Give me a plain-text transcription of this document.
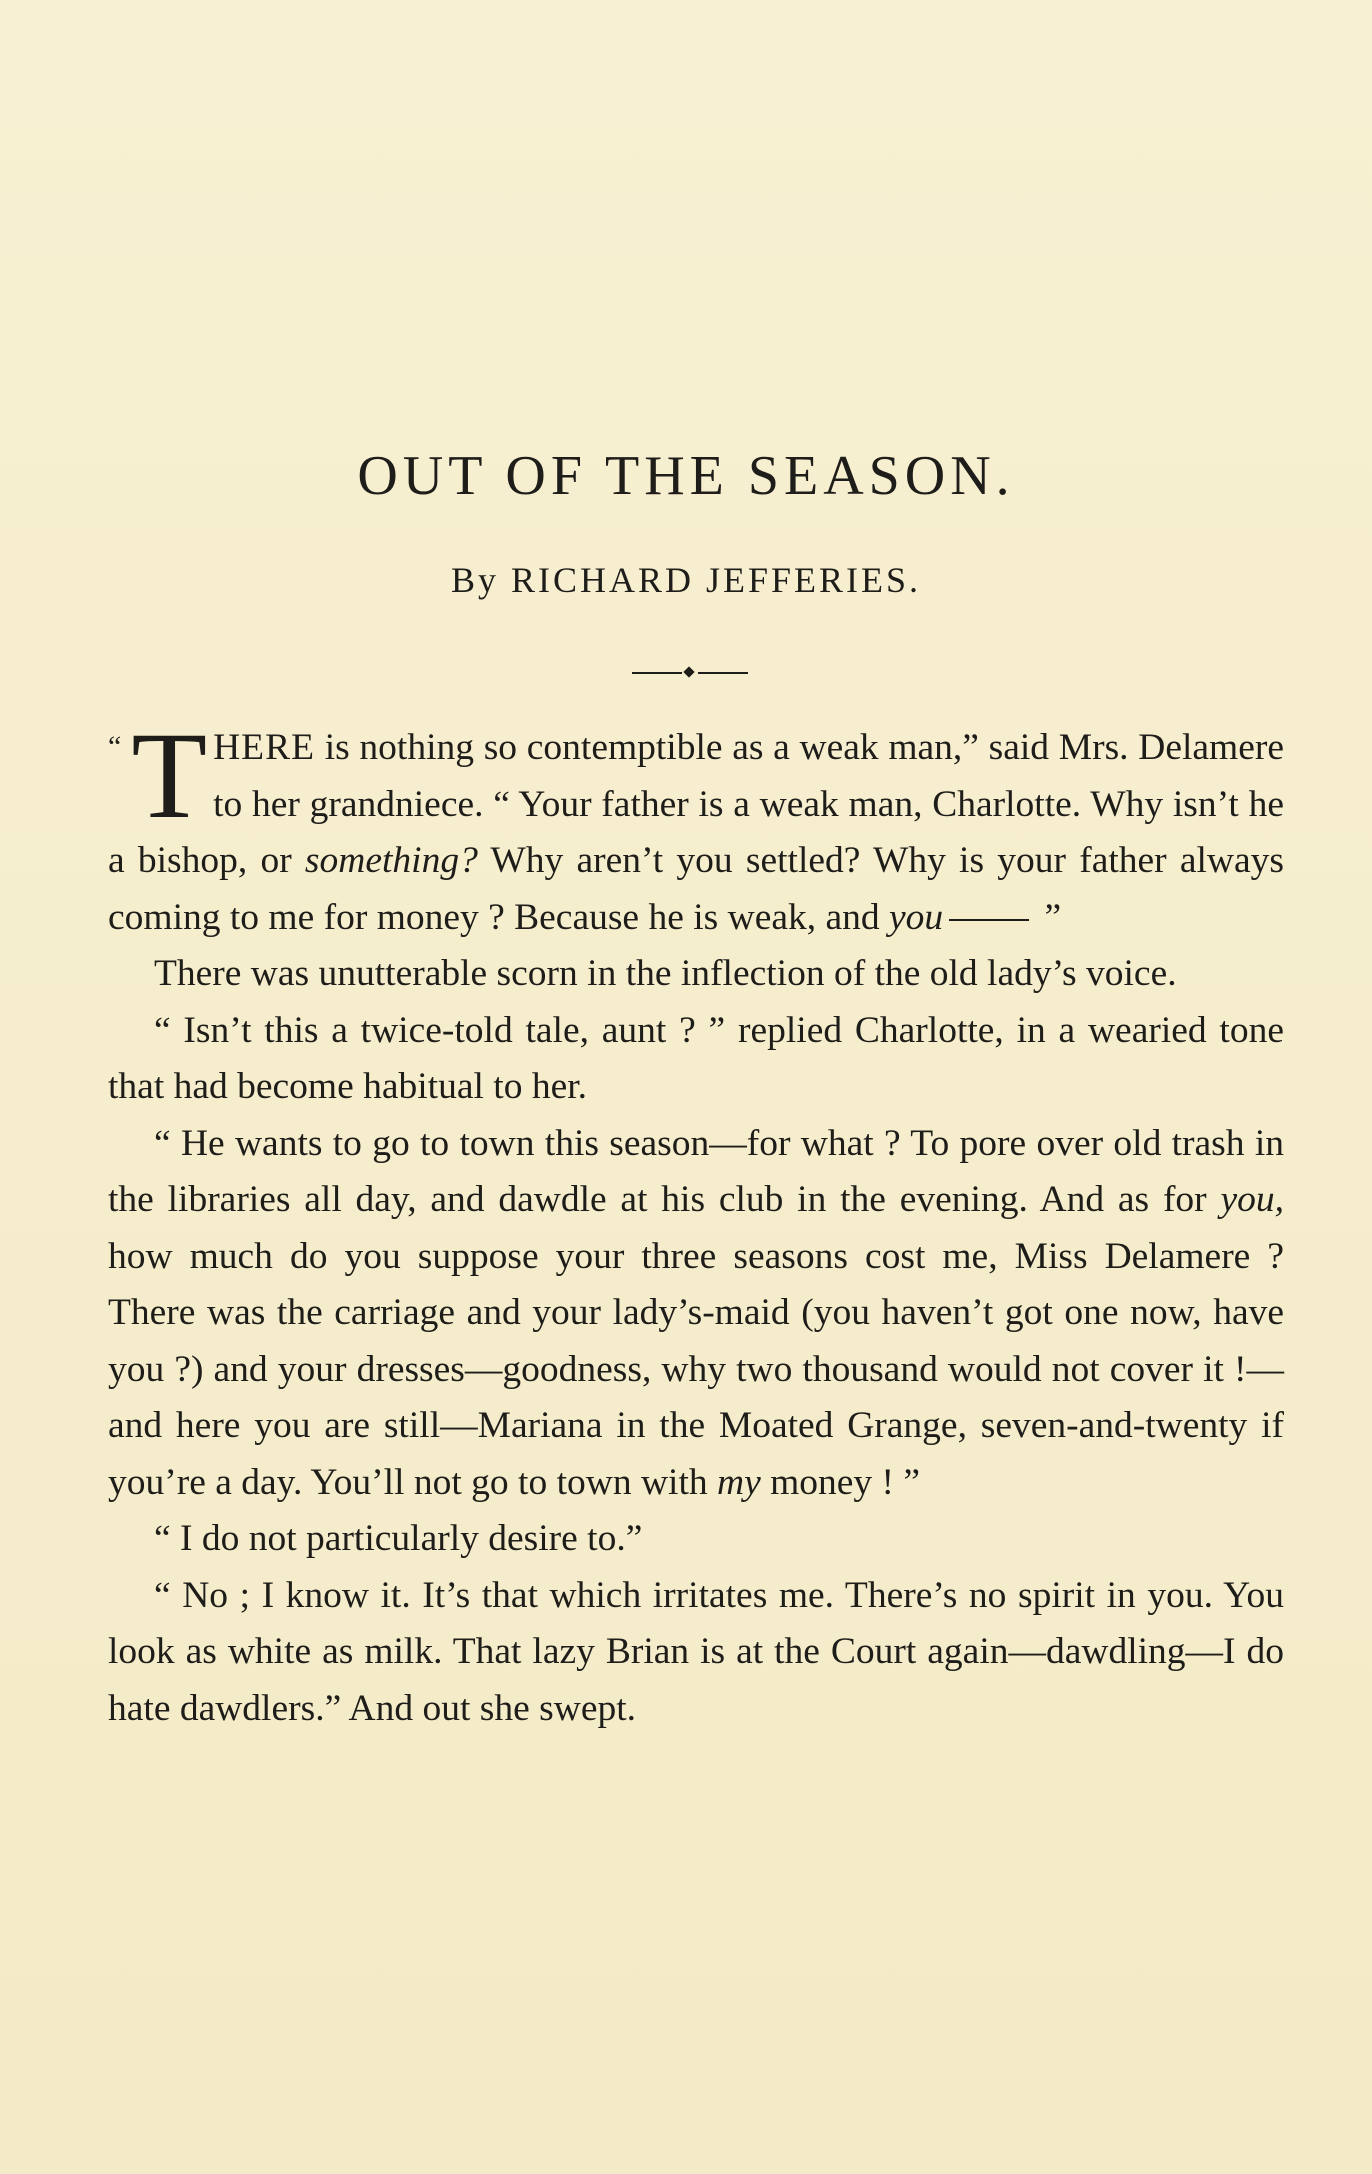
OUT OF THE SEASON.
By RICHARD JEFFERIES.

“ T HERE is nothing so contemptible as a weak man,” said Mrs. Delamere to her grandniece. “ Your father is a weak man, Charlotte. Why isn’t he a bishop, or something? Why aren’t you settled? Why is your father always coming to me for money ? Because he is weak, and you ”

There was unutterable scorn in the inflection of the old lady’s voice.

“ Isn’t this a twice-told tale, aunt ? ” replied Charlotte, in a wearied tone that had become habitual to her.

“ He wants to go to town this season—for what ? To pore over old trash in the libraries all day, and dawdle at his club in the evening. And as for you, how much do you suppose your three seasons cost me, Miss Delamere ? There was the carriage and your lady’s-maid (you haven’t got one now, have you ?) and your dresses—goodness, why two thousand would not cover it !—and here you are still—Mariana in the Moated Grange, seven-and-twenty if you’re a day. You’ll not go to town with my money ! ”

“ I do not particularly desire to.”

“ No ; I know it. It’s that which irritates me. There’s no spirit in you. You look as white as milk. That lazy Brian is at the Court again—dawdling—I do hate dawdlers.” And out she swept.
